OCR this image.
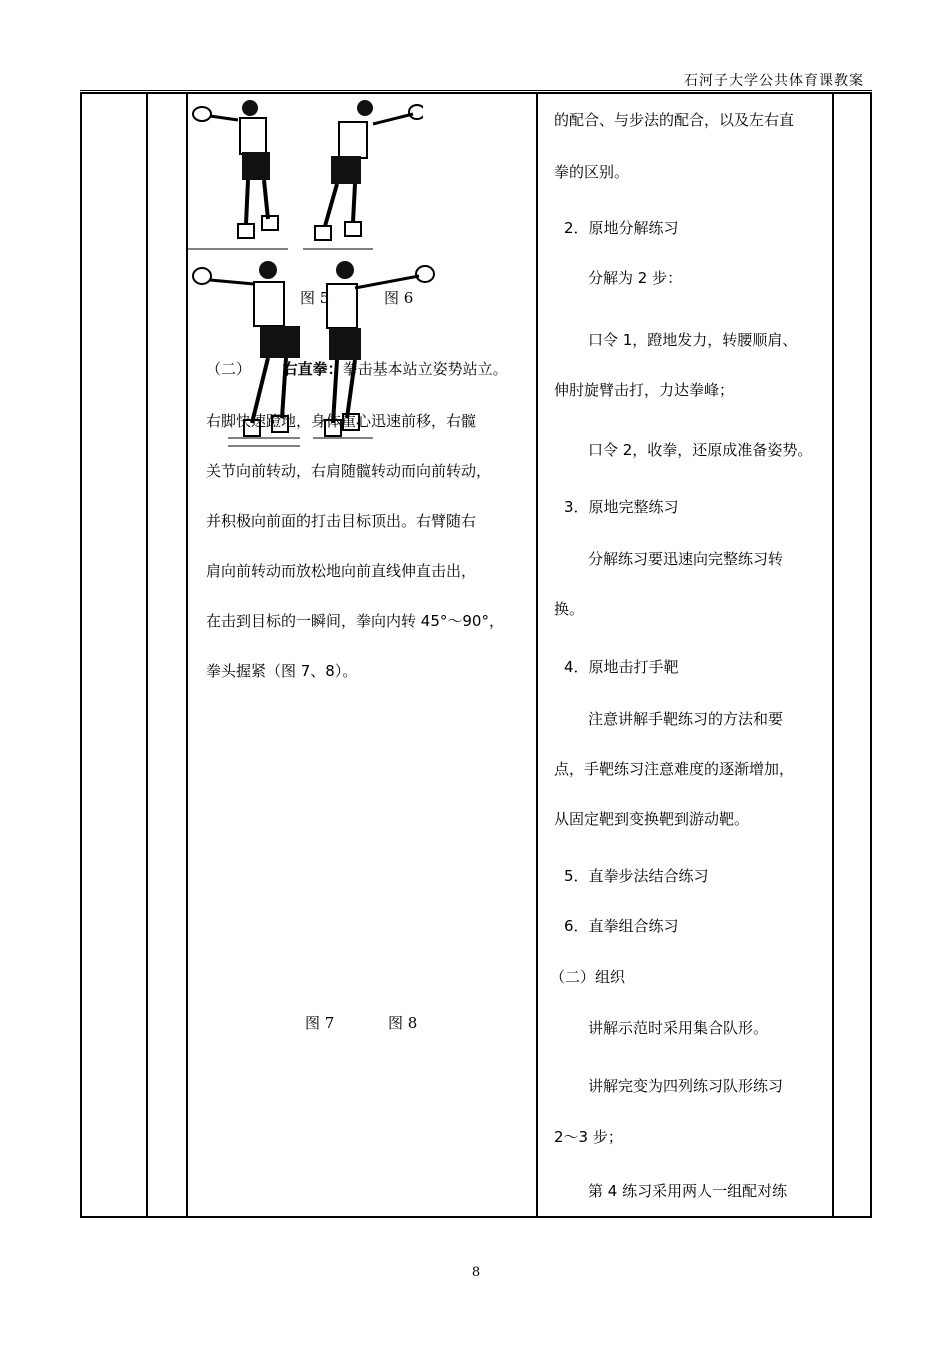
石河子大学公共体育课教案

图 5	图 6
（二） 右直拳：拳击基本站立姿势站立。
右脚快速蹬地，身体重心迅速前移，右髋
关节向前转动，右肩随髋转动而向前转动，
并积极向前面的打击目标顶出。右臂随右
肩向前转动而放松地向前直线伸直击出，
在击到目标的一瞬间，拳向内转 45°～90°，
拳头握紧（图 7、8）。

图 7	图 8

的配合、与步法的配合，以及左右直
拳的区别。
2．原地分解练习
分解为 2 步：
口令 1，蹬地发力，转腰顺肩、
伸肘旋臂击打，力达拳峰；
口令 2，收拳，还原成准备姿势。
3．原地完整练习
分解练习要迅速向完整练习转
换。
4．原地击打手靶
注意讲解手靶练习的方法和要
点，手靶练习注意难度的逐渐增加，
从固定靶到变换靶到游动靶。
5．直拳步法结合练习
6．直拳组合练习
（二）组织
讲解示范时采用集合队形。
讲解完变为四列练习队形练习
2～3 步；
第 4 练习采用两人一组配对练

8
